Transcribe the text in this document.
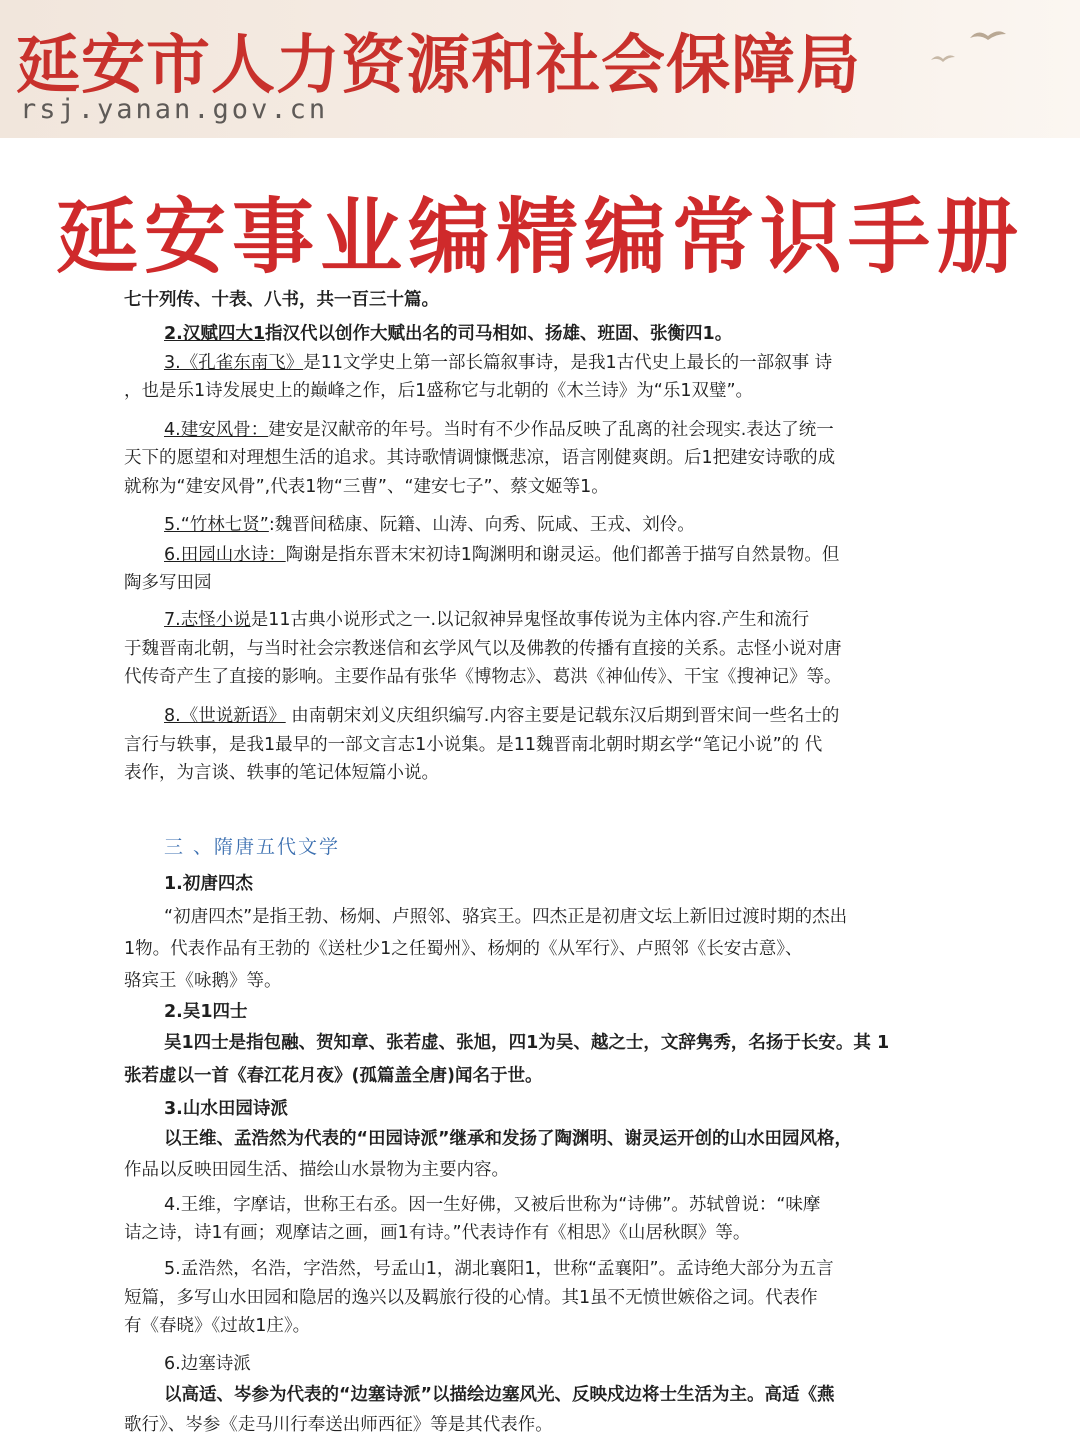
延安市人力资源和社会保障局
rsj.yanan.gov.cn
延安事业编精编常识手册
七十列传、十表、八书，共一百三十篇。
2.汉赋四大1指汉代以创作大赋出名的司马相如、扬雄、班固、张衡四1。
3.《孔雀东南飞》是11文学史上第一部长篇叙事诗，是我1古代史上最长的一部叙事 诗
，也是乐1诗发展史上的巅峰之作，后1盛称它与北朝的《木兰诗》为“乐1双璧”。
4.建安风骨：建安是汉献帝的年号。当时有不少作品反映了乱离的社会现实.表达了统一
天下的愿望和对理想生活的追求。其诗歌情调慷慨悲凉，语言刚健爽朗。后1把建安诗歌的成
就称为“建安风骨”,代表1物“三曹”、“建安七子”、蔡文姬等1。
5.“竹林七贤”:魏晋间嵇康、阮籍、山涛、向秀、阮咸、王戎、刘伶。
6.田园山水诗：陶谢是指东晋末宋初诗1陶渊明和谢灵运。他们都善于描写自然景物。但
陶多写田园
7.志怪小说是11古典小说形式之一.以记叙神异鬼怪故事传说为主体内容.产生和流行
于魏晋南北朝，与当时社会宗教迷信和玄学风气以及佛教的传播有直接的关系。志怪小说对唐
代传奇产生了直接的影响。主要作品有张华《博物志》、葛洪《神仙传》、干宝《搜神记》等。
8.《世说新语》 由南朝宋刘义庆组织编写.内容主要是记载东汉后期到晋宋间一些名士的
言行与轶事，是我1最早的一部文言志1小说集。是11魏晋南北朝时期玄学“笔记小说”的 代
表作，为言谈、轶事的笔记体短篇小说。
三 、隋唐五代文学
1.初唐四杰
“初唐四杰”是指王勃、杨炯、卢照邻、骆宾王。四杰正是初唐文坛上新旧过渡时期的杰出
1物。代表作品有王勃的《送杜少1之任蜀州》、杨炯的《从军行》、卢照邻《长安古意》、
骆宾王《咏鹅》等。
2.吴1四士
吴1四士是指包融、贺知章、张若虚、张旭，四1为吴、越之士，文辞隽秀，名扬于长安。其 1
张若虚以一首《春江花月夜》(孤篇盖全唐)闻名于世。
3.山水田园诗派
以王维、孟浩然为代表的“田园诗派”继承和发扬了陶渊明、谢灵运开创的山水田园风格，
作品以反映田园生活、描绘山水景物为主要内容。
4.王维，字摩诘，世称王右丞。因一生好佛，又被后世称为“诗佛”。苏轼曾说：“味摩
诘之诗，诗1有画；观摩诘之画，画1有诗。”代表诗作有《相思》《山居秋瞑》等。
5.孟浩然，名浩，字浩然，号孟山1，湖北襄阳1，世称“孟襄阳”。孟诗绝大部分为五言
短篇，多写山水田园和隐居的逸兴以及羁旅行役的心情。其1虽不无愤世嫉俗之词。代表作
有《春晓》《过故1庄》。
6.边塞诗派
以高适、岑参为代表的“边塞诗派”以描绘边塞风光、反映戍边将士生活为主。高适《燕
歌行》、岑参《走马川行奉送出师西征》等是其代表作。
